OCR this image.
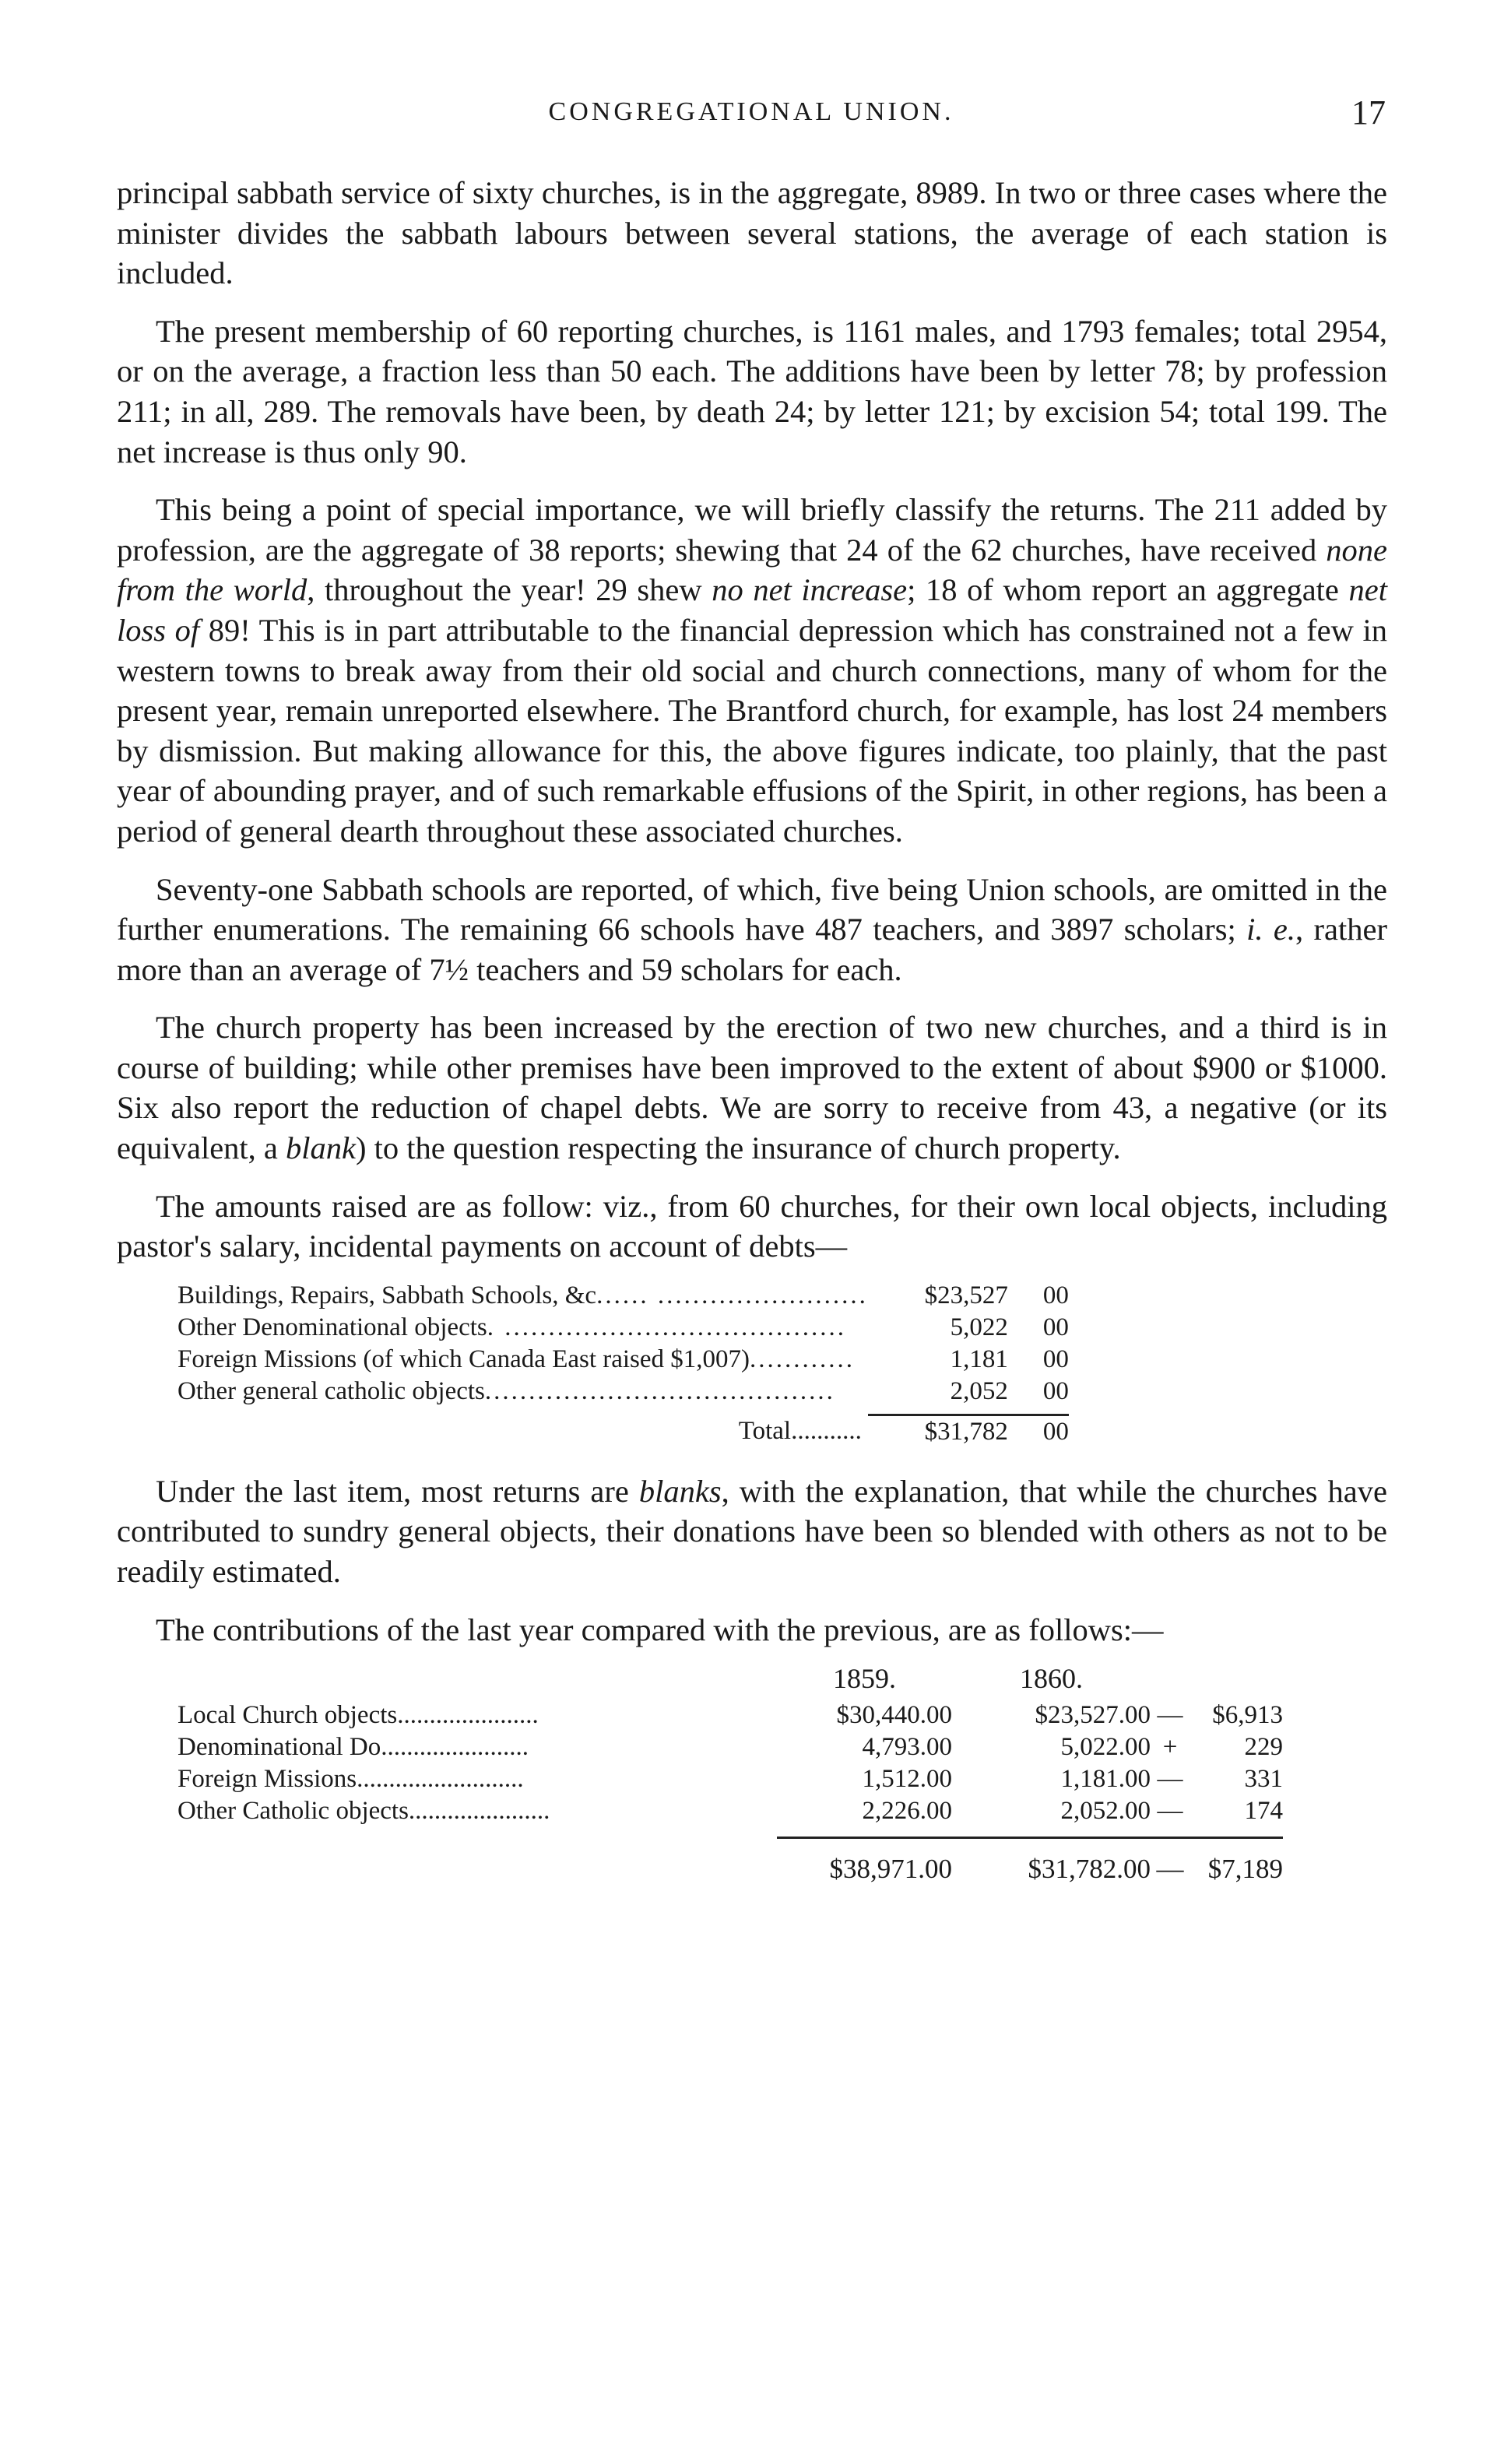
CONGREGATIONAL UNION.	17

principal sabbath service of sixty churches, is in the aggregate, 8989. In two or three cases where the minister divides the sabbath labours between several stations, the average of each station is included.

The present membership of 60 reporting churches, is 1161 males, and 1793 females; total 2954, or on the average, a fraction less than 50 each. The additions have been by letter 78; by profession 211; in all, 289. The removals have been, by death 24; by letter 121; by excision 54; total 199. The net increase is thus only 90.

This being a point of special importance, we will briefly classify the returns. The 211 added by profession, are the aggregate of 38 reports; shewing that 24 of the 62 churches, have received none from the world, throughout the year! 29 shew no net increase; 18 of whom report an aggregate net loss of 89! This is in part attributable to the financial depression which has constrained not a few in western towns to break away from their old social and church connections, many of whom for the present year, remain unreported elsewhere. The Brantford church, for example, has lost 24 members by dismission. But making allowance for this, the above figures indicate, too plainly, that the past year of abounding prayer, and of such remarkable effusions of the Spirit, in other regions, has been a period of general dearth throughout these associated churches.

Seventy-one Sabbath schools are reported, of which, five being Union schools, are omitted in the further enumerations. The remaining 66 schools have 487 teachers, and 3897 scholars; i. e., rather more than an average of 7½ teachers and 59 scholars for each.

The church property has been increased by the erection of two new churches, and a third is in course of building; while other premises have been improved to the extent of about $900 or $1000. Six also report the reduction of chapel debts. We are sorry to receive from 43, a negative (or its equivalent, a blank) to the question respecting the insurance of church property.

The amounts raised are as follow: viz., from 60 churches, for their own local objects, including pastor's salary, incidental payments on account of debts—

Buildings, Repairs, Sabbath Schools, &c...... ........................	$23,527	00
Other Denominational objects. .......................................	5,022	00
Foreign Missions (of which Canada East raised $1,007)............	1,181	00
Other general catholic objects........................................	2,052	00

Total...........	$31,782	00

Under the last item, most returns are blanks, with the explanation, that while the churches have contributed to sundry general objects, their donations have been so blended with others as not to be readily estimated.

The contributions of the last year compared with the previous, are as follows:—

	1859.	1860.		
Local Church objects......................	$30,440.00	$23,527.00	—	$6,913
Denominational Do.......................	4,793.00	5,022.00	+	229
Foreign Missions..........................	1,512.00	1,181.00	—	331
Other Catholic objects......................	2,226.00	2,052.00	—	174

	$38,971.00	$31,782.00	—	$7,189
